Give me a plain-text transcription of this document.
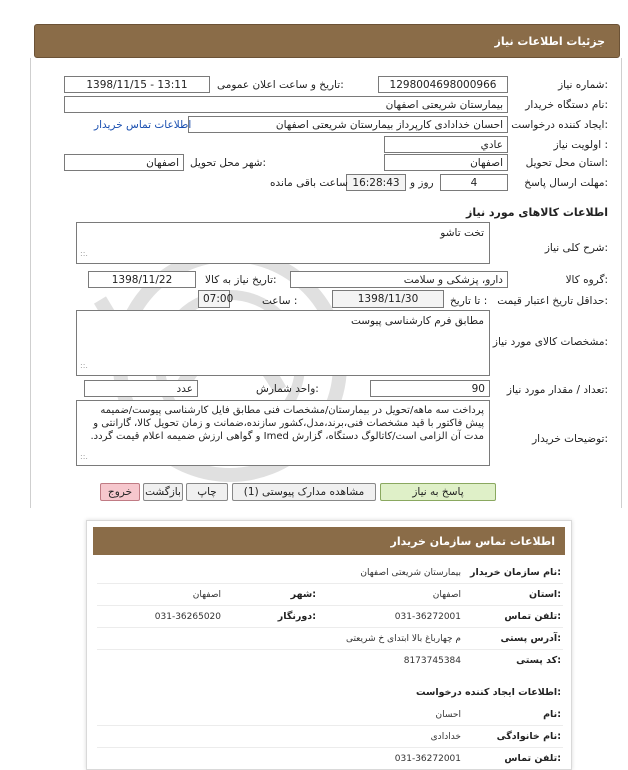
جزئیات اطلاعات نیاز
شماره نیاز:
1298004698000966
تاریخ و ساعت اعلان عمومی:
1398/11/15 - 13:11
نام دستگاه خریدار:
بیمارستان شریعتی اصفهان
ایجاد کننده درخواست:
احسان خدادادی کارپرداز بیمارستان شریعتی اصفهان
اطلاعات تماس خریدار
اولویت نیاز :
عادي
استان محل تحویل:
اصفهان
شهر محل تحویل:
اصفهان
مهلت ارسال پاسخ:
4
روز و
16:28:43
ساعت باقی مانده
اطلاعات کالاهای مورد نیاز
شرح کلی نیاز:
تخت تاشو
.::
گروه کالا:
دارو، پزشکی و سلامت
تاریخ نیاز به کالا:
1398/11/22
حداقل تاریخ اعتبار قیمت:
تا تاریخ :
1398/11/30
ساعت :
07:00
مشخصات کالای مورد نیاز:
مطابق فرم کارشناسی پیوست
.::
تعداد / مقدار مورد نیاز:
90
واحد شمارش:
عدد
توضیحات خریدار:
پرداخت سه ماهه/تحویل در بیمارستان/مشخصات فنی مطابق فایل کارشناسی پیوست/ضمیمه پیش فاکتور با قید مشخصات فنی،برند،مدل،کشور سازنده،ضمانت و زمان تحویل کالا، گارانتی و مدت آن الزامی است/کاتالوگ دستگاه، گزارش Imed و گواهی ارزش ضمیمه اعلام قیمت گردد.
.::
پاسخ به نیاز
مشاهده مدارک پیوستی (1)
چاپ
بازگشت
خروج
اطلاعات تماس سازمان خریدار
نام سازمان خریدار:
بیمارستان شریعتی اصفهان
استان:
اصفهان
شهر:
اصفهان
تلفن تماس:
031-36272001
دورنگار:
031-36265020
آدرس پستی:
م چهارباغ بالا ابتدای خ شریعتی
کد پستی:
8173745384
اطلاعات ایجاد کننده درخواست:
نام:
احسان
نام خانوادگی:
خدادادی
تلفن تماس:
031-36272001
